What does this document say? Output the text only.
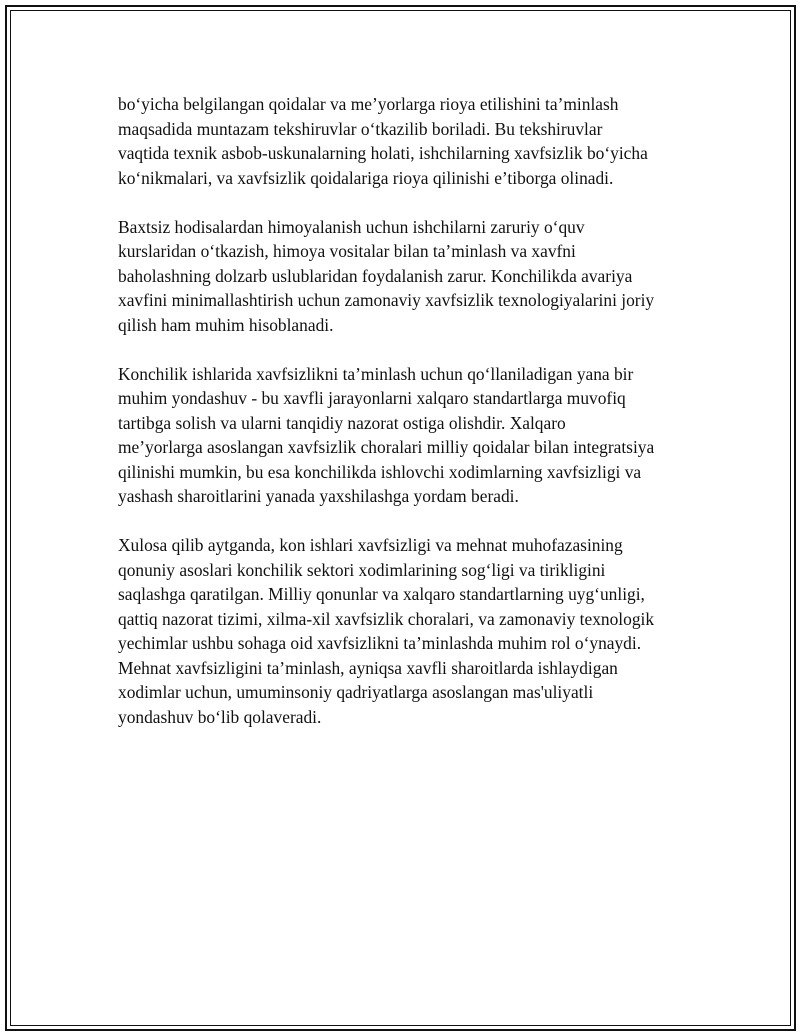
bo‘yicha belgilangan qoidalar va me’yorlarga rioya etilishini ta’minlash
maqsadida muntazam tekshiruvlar o‘tkazilib boriladi. Bu tekshiruvlar
vaqtida texnik asbob-uskunalarning holati, ishchilarning xavfsizlik bo‘yicha
ko‘nikmalari, va xavfsizlik qoidalariga rioya qilinishi e’tiborga olinadi.

Baxtsiz hodisalardan himoyalanish uchun ishchilarni zaruriy o‘quv
kurslaridan o‘tkazish, himoya vositalar bilan ta’minlash va xavfni
baholashning dolzarb uslublaridan foydalanish zarur. Konchilikda avariya
xavfini minimallashtirish uchun zamonaviy xavfsizlik texnologiyalarini joriy
qilish ham muhim hisoblanadi.

Konchilik ishlarida xavfsizlikni ta’minlash uchun qo‘llaniladigan yana bir
muhim yondashuv - bu xavfli jarayonlarni xalqaro standartlarga muvofiq
tartibga solish va ularni tanqidiy nazorat ostiga olishdir. Xalqaro
me’yorlarga asoslangan xavfsizlik choralari milliy qoidalar bilan integratsiya
qilinishi mumkin, bu esa konchilikda ishlovchi xodimlarning xavfsizligi va
yashash sharoitlarini yanada yaxshilashga yordam beradi.

Xulosa qilib aytganda, kon ishlari xavfsizligi va mehnat muhofazasining
qonuniy asoslari konchilik sektori xodimlarining sog‘ligi va tirikligini
saqlashga qaratilgan. Milliy qonunlar va xalqaro standartlarning uyg‘unligi,
qattiq nazorat tizimi, xilma-xil xavfsizlik choralari, va zamonaviy texnologik
yechimlar ushbu sohaga oid xavfsizlikni ta’minlashda muhim rol o‘ynaydi.
Mehnat xavfsizligini ta’minlash, ayniqsa xavfli sharoitlarda ishlaydigan
xodimlar uchun, umuminsoniy qadriyatlarga asoslangan mas'uliyatli
yondashuv bo‘lib qolaveradi.
